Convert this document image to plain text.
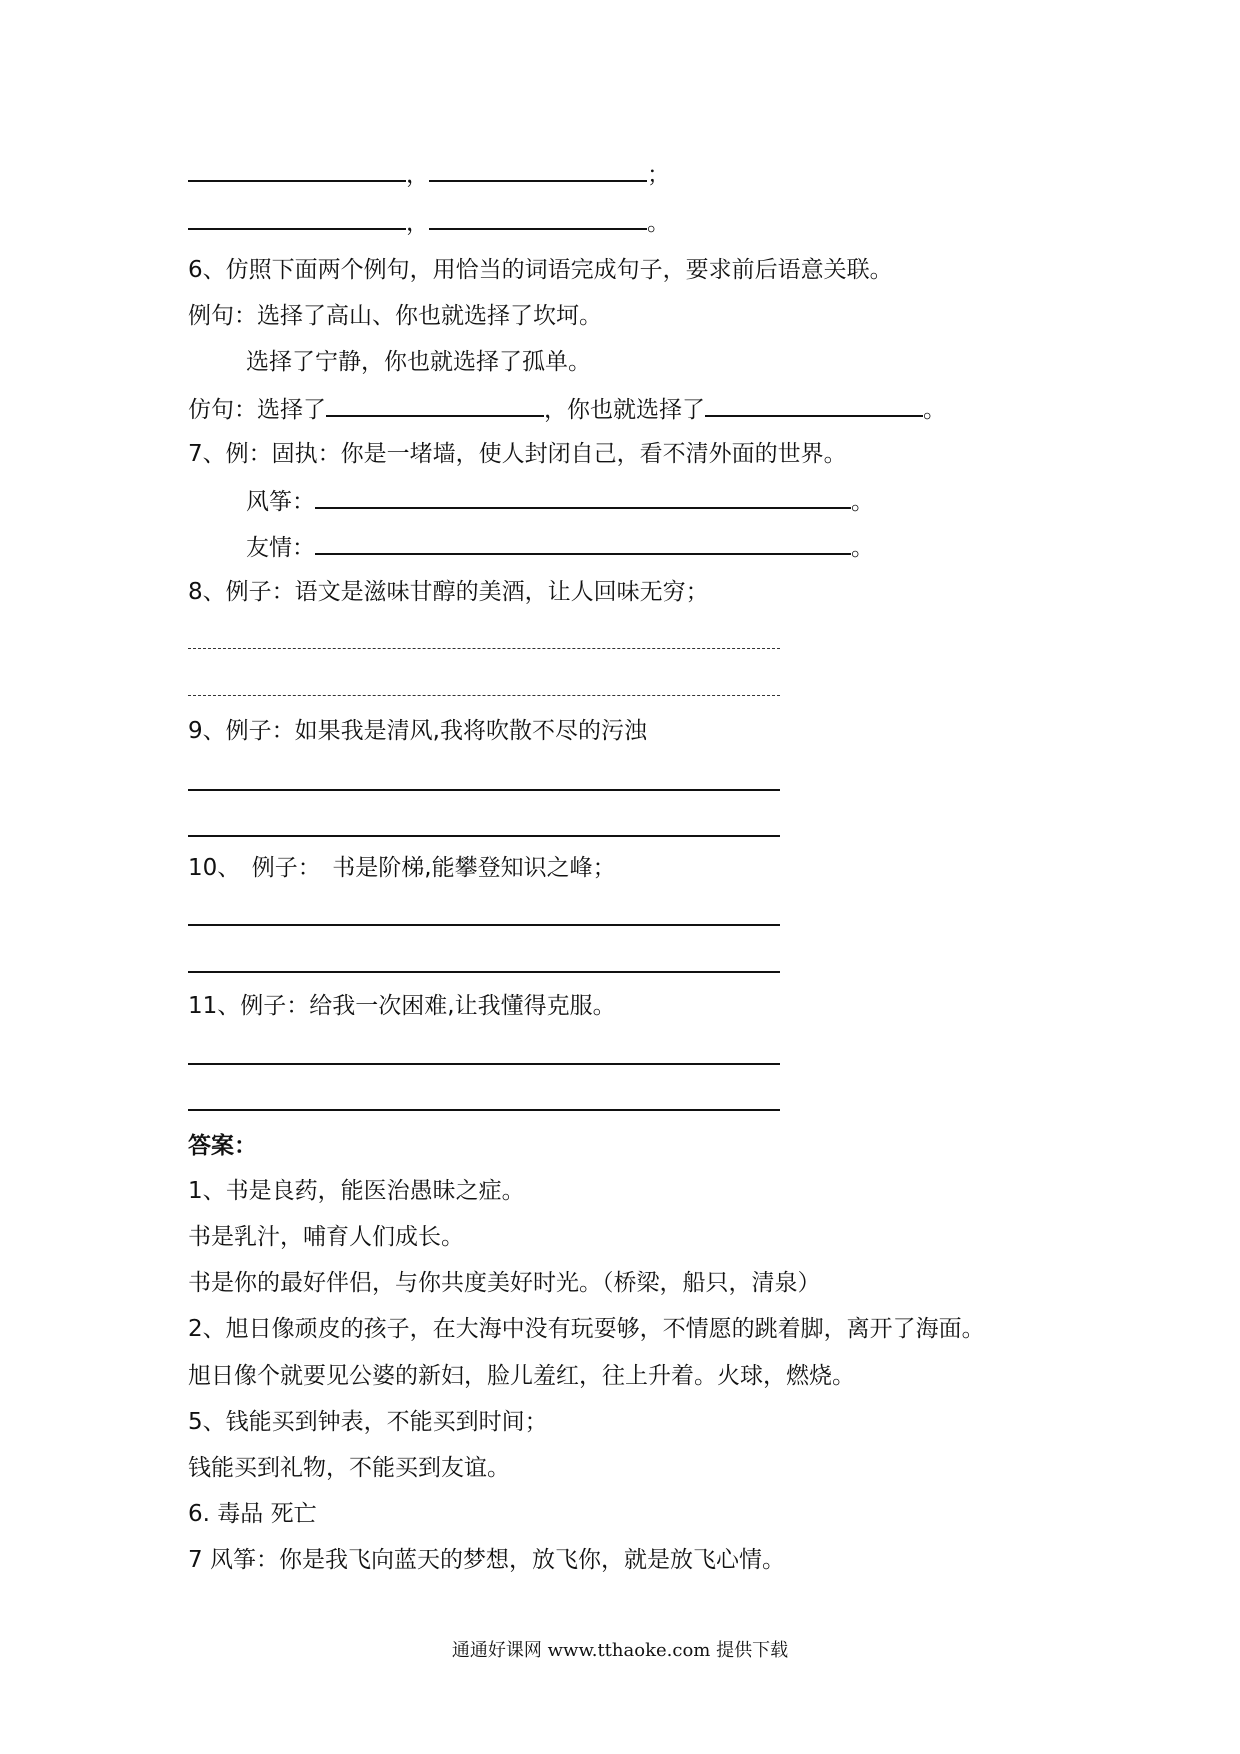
，	；
，	。
6、仿照下面两个例句，用恰当的词语完成句子，要求前后语意关联。
例句：选择了高山、你也就选择了坎坷。
选择了宁静，你也就选择了孤单。
仿句：选择了	，你也就选择了	。
7、例：固执：你是一堵墙，使人封闭自己，看不清外面的世界。
风筝：	。
友情：	。
8、例子：语文是滋味甘醇的美酒，让人回味无穷；
9、例子：如果我是清风,我将吹散不尽的污浊
10、　例子：　书是阶梯,能攀登知识之峰；
11、例子：给我一次困难,让我懂得克服。
答案：
1、书是良药，能医治愚昧之症。
书是乳汁，哺育人们成长。
书是你的最好伴侣，与你共度美好时光。（桥梁，船只，清泉）
2、旭日像顽皮的孩子，在大海中没有玩耍够，不情愿的跳着脚，离开了海面。
旭日像个就要见公婆的新妇，脸儿羞红，往上升着。火球，燃烧。
5、钱能买到钟表，不能买到时间；
钱能买到礼物，不能买到友谊。
6. 毒品 死亡
7 风筝：你是我飞向蓝天的梦想，放飞你，就是放飞心情。
通通好课网 www.tthaoke.com 提供下载
